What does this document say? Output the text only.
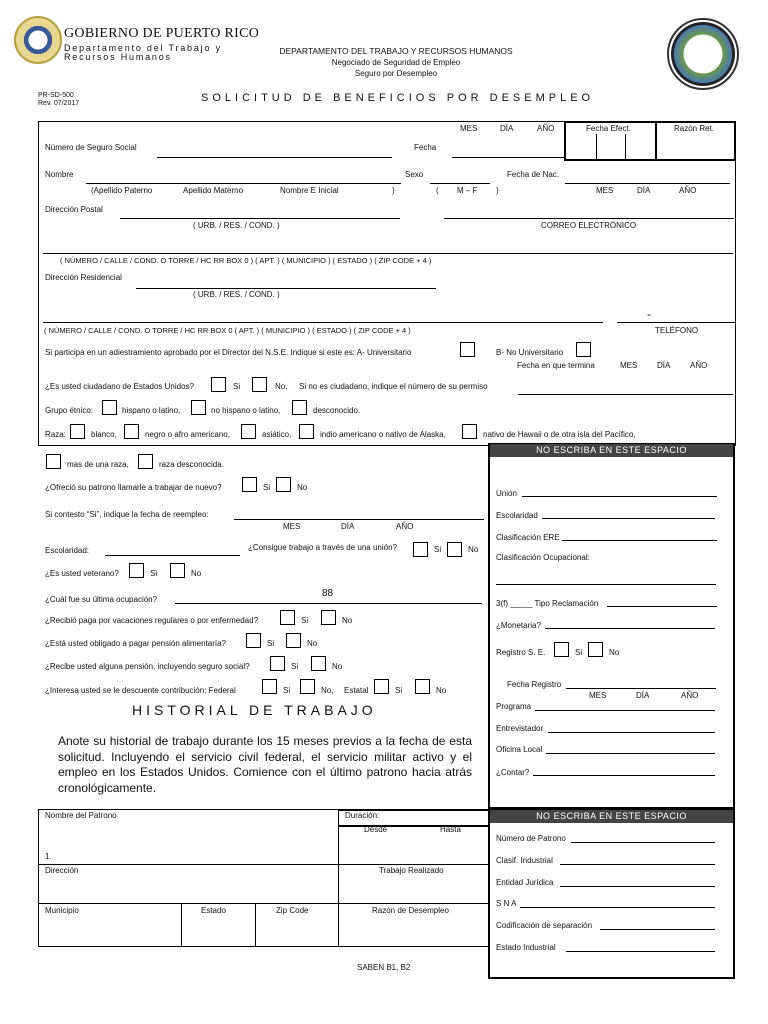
GOBIERNO DE PUERTO RICO
Departamento del Trabajo y
Recursos Humanos
DEPARTAMENTO DEL TRABAJO Y RECURSOS HUMANOS
Negociado de Seguridad de Empleo
Seguro por Desempleo
PR-SD-500
Rev. 07/2017	SOLICITUD DE BENEFICIOS POR DESEMPLEO
MES	DÍA	AÑO	Fecha Efect.	Razón Ret.
Número de Seguro Social	Fecha
Nombre	Sexo	Fecha de Nac.
(Apellido Paterno	Apellido Materno	Nombre E Inicial	)	( M – F )	MES	DÍA	AÑO
Dirección Postal
( URB. / RES. / COND. )	CORREO ELECTRÓNICO
( NÚMERO / CALLE / COND. O TORRE / HC RR BOX 0 ) ( APT. ) ( MUNICIPIO ) ( ESTADO ) ( ZIP CODE + 4 )
Dirección Residencial
( URB. / RES. / COND. )
-
( NÚMERO / CALLE / COND. O TORRE / HC RR BOX 0 ( APT. ) ( MUNICIPIO ) ( ESTADO ) ( ZIP CODE + 4 )	TELÉFONO
Si participa en un adiestramiento aprobado por el Director del N.S.E. Indique si este es: A- Universitario	B- No Universitario
Fecha en que termina	MES DÍA AÑO
¿Es usted ciudadano de Estados Unidos?	Si	No, Si no es ciudadano, indique el número de su permiso
Grupo étnico:	hispano o latino,	no hispano o latino,	desconocido.
Raza:	blanco,	negro o afro americano,	asiático,	indio americano o nativo de Alaska,	nativo de Hawaii o de otra isla del Pacífico,
mas de una raza,	raza desconocida.
¿Ofreció su patrono llamarle a trabajar de nuevo?	Si	No
Si contesto “Si”, indique la fecha de reempleo:
MES	DÍA	AÑO
Escolaridad:	¿Consigue trabajo a través de una unión?	Si	No
¿Es usted veterano?	Si	No
88
¿Cuál fue su última ocupación?
¿Recibió paga por vacaciones regulares o por enfermedad?	Si	No
¿Está usted obligado a pagar pensión alimentaría?	Si	No
¿Recibe usted alguna pensión, incluyendo seguro social?	Si	No
¿Interesa usted se le descuente contribución: Federal	Si	No, Estatal	Si	No
HISTORIAL DE TRABAJO
Anote su historial de trabajo durante los 15 meses previos a la fecha de esta solicitud. Incluyendo el servicio civil federal, el servicio militar activo y el empleo en los Estados Unidos. Comience con el último patrono hacia atrás cronológicamente.
NO ESCRIBA EN ESTE ESPACIO
Unión
Escolaridad
Clasificación ERE
Clasificación Ocupacional:
3(f) _____ Tipo Reclamación
¿Monetaria?
Registro S. E.	Si	No
Fecha Registro
MES	DÍA	AÑO
Programa
Entrevistador
Oficina Local
¿Contar?
Nombre del Patrono	Duración:
Desde	Hasta
1.
Dirección	Trabajo Realizado
Municipio	Estado	Zip Code	Razón de Desempleo
NO ESCRIBA EN ESTE ESPACIO
Número de Patrono
Clasif. Industrial
Entidad Jurídica
S N A
Codificación de separación
Estado Industrial
SABEN B1, B2
